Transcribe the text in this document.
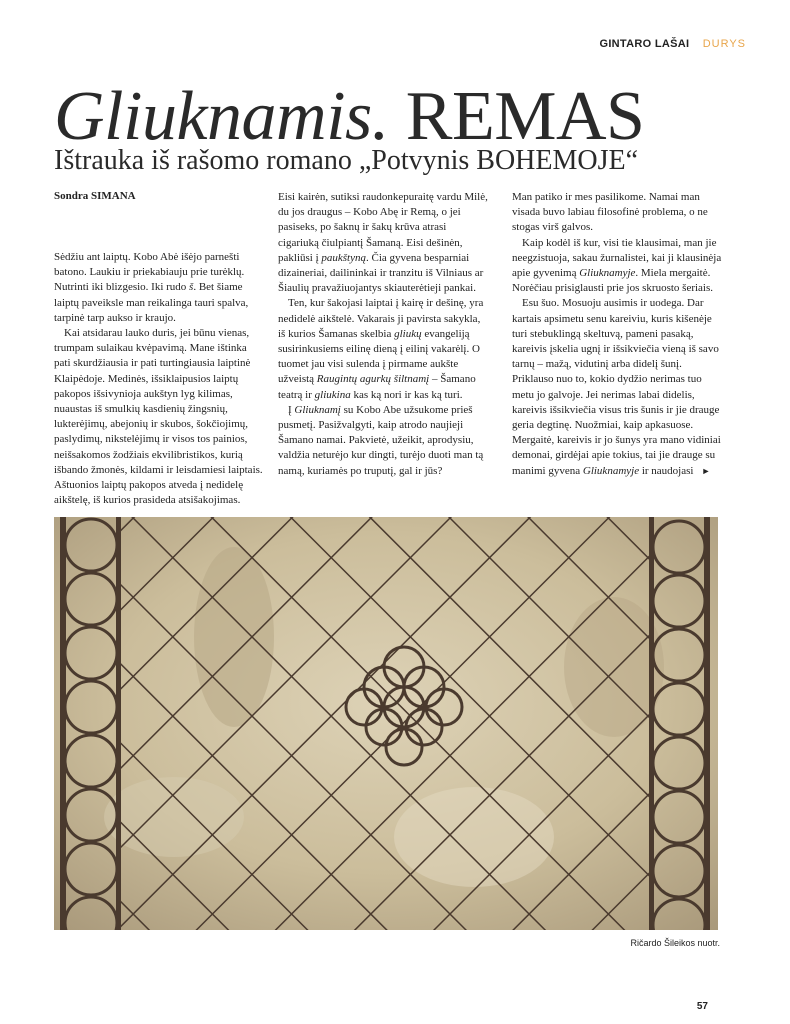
GINTARO LAŠAI DURYS
Gliuknamis. REMAS
Ištrauka iš rašomo romano „Potvynis BOHEMOJE“
Sondra SIMANA

Sėdžiu ant laiptų. Kobo Abė išėjo parnešti batono. Laukiu ir priekabiauju prie turėklų. Nutrinti iki blizgesio. Iki rudo š. Bet šiame laiptų paveiksle man reikalinga tauri spalva, tarpinė tarp aukso ir kraujo.

Kai atsidarau lauko duris, jei būnu vienas, trumpam sulaikau kvėpavimą. Mane ištinka pati skurdžiausia ir pati turtingiausia laiptinė Klaipėdoje. Medinės, išsiklaipusios laiptų pakopos išsivynioja aukštyn lyg kilimas, nuaustas iš smulkių kasdienių žingsnių, lukterėjimų, abejonių ir skubos, šokčiojimų, paslydimų, nikstelėjimų ir visos tos painios, neišsakomos žodžiais ekvilibristikos, kurią išbando žmonės, kildami ir leisdamiesi laiptais. Aštuonios laiptų pakopos atveda į nedidelę aikštelę, iš kurios prasideda atsišakojimas.

Eisi kairėn, sutiksi raudonkepuraitę vardu Milė, du jos draugus – Kobo Abę ir Remą, o jei pasiseks, po šaknų ir šakų krūva atrasi cigariuką čiulpiantį Šamaną. Eisi dešinėn, pakliūsi į paukštyną. Čia gyvena besparniai dizaineriai, dailininkai ir tranzitu iš Vilniaus ar Šiaulių pravažiuojantys skiauterėtieji pankai.

Ten, kur šakojasi laiptai į kairę ir dešinę, yra nedidelė aikštelė. Vakarais ji pavirsta sakykla, iš kurios Šamanas skelbia gliukų evangeliją susirinkusiems eilinę dieną į eilinį vakarėlį. O tuomet jau visi sulenda į pirmame aukšte užveistą Raugintų agurkų šiltnamį – Šamano teatrą ir gliukina kas ką nori ir kas ką turi.

Į Gliuknamį su Kobo Abe užsukome prieš pusmetį. Pasižvalgyti, kaip atrodo naujieji Šamano namai. Pakvietė, užeikit, aprodysiu, valdžia neturėjo kur dingti, turėjo duoti man tą namą, kuriamės po truputį, gal ir jūs?

Man patiko ir mes pasilikome. Namai man visada buvo labiau filosofinė problema, o ne stogas virš galvos.

Kaip kodėl iš kur, visi tie klausimai, man jie neegzistuoja, sakau žurnalistei, kai ji klausinėja apie gyvenimą Gliuknamyje. Miela mergaitė. Norėčiau prisiglausti prie jos skruosto šeriais.

Esu šuo. Mosuoju ausimis ir uodega. Dar kartais apsimetu senu kareiviu, kuris kišenėje turi stebuklingą skeltuvą, pameni pasaką, kareivis įskelia ugnį ir išsikviečia vieną iš savo tarnų – mažą, vidutinį arba didelį šunį. Priklauso nuo to, kokio dydžio nerimas tuo metu jo galvoje. Jei nerimas labai didelis, kareivis išsikviečia visus tris šunis ir jie drauge geria degtinę. Nuožmiai, kaip apkasuose. Mergaitė, kareivis ir jo šunys yra mano vidiniai demonai, girdėjai apie tokius, tai jie drauge su manimi gyvena Gliuknamyje ir naudojasi ►

Ričardo Šileikos nuotr.
57
